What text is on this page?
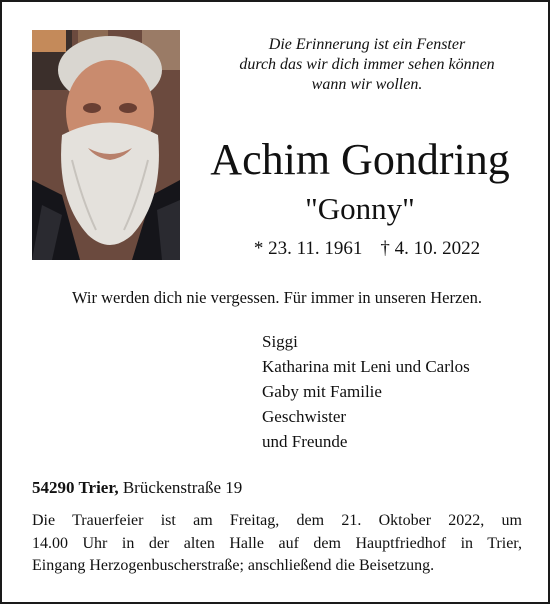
Die Erinnerung ist ein Fenster
durch das wir dich immer sehen können
wann wir wollen.
Achim Gondring
"Gonny"
* 23. 11. 1961 † 4. 10. 2022
Wir werden dich nie vergessen. Für immer in unseren Herzen.
Siggi
Katharina mit Leni und Carlos
Gaby mit Familie
Geschwister
und Freunde
54290 Trier, Brückenstraße 19
Die Trauerfeier ist am Freitag, dem 21. Oktober 2022, um
14.00 Uhr in der alten Halle auf dem Hauptfriedhof in Trier,
Eingang Herzogenbuscherstraße; anschließend die Beisetzung.
